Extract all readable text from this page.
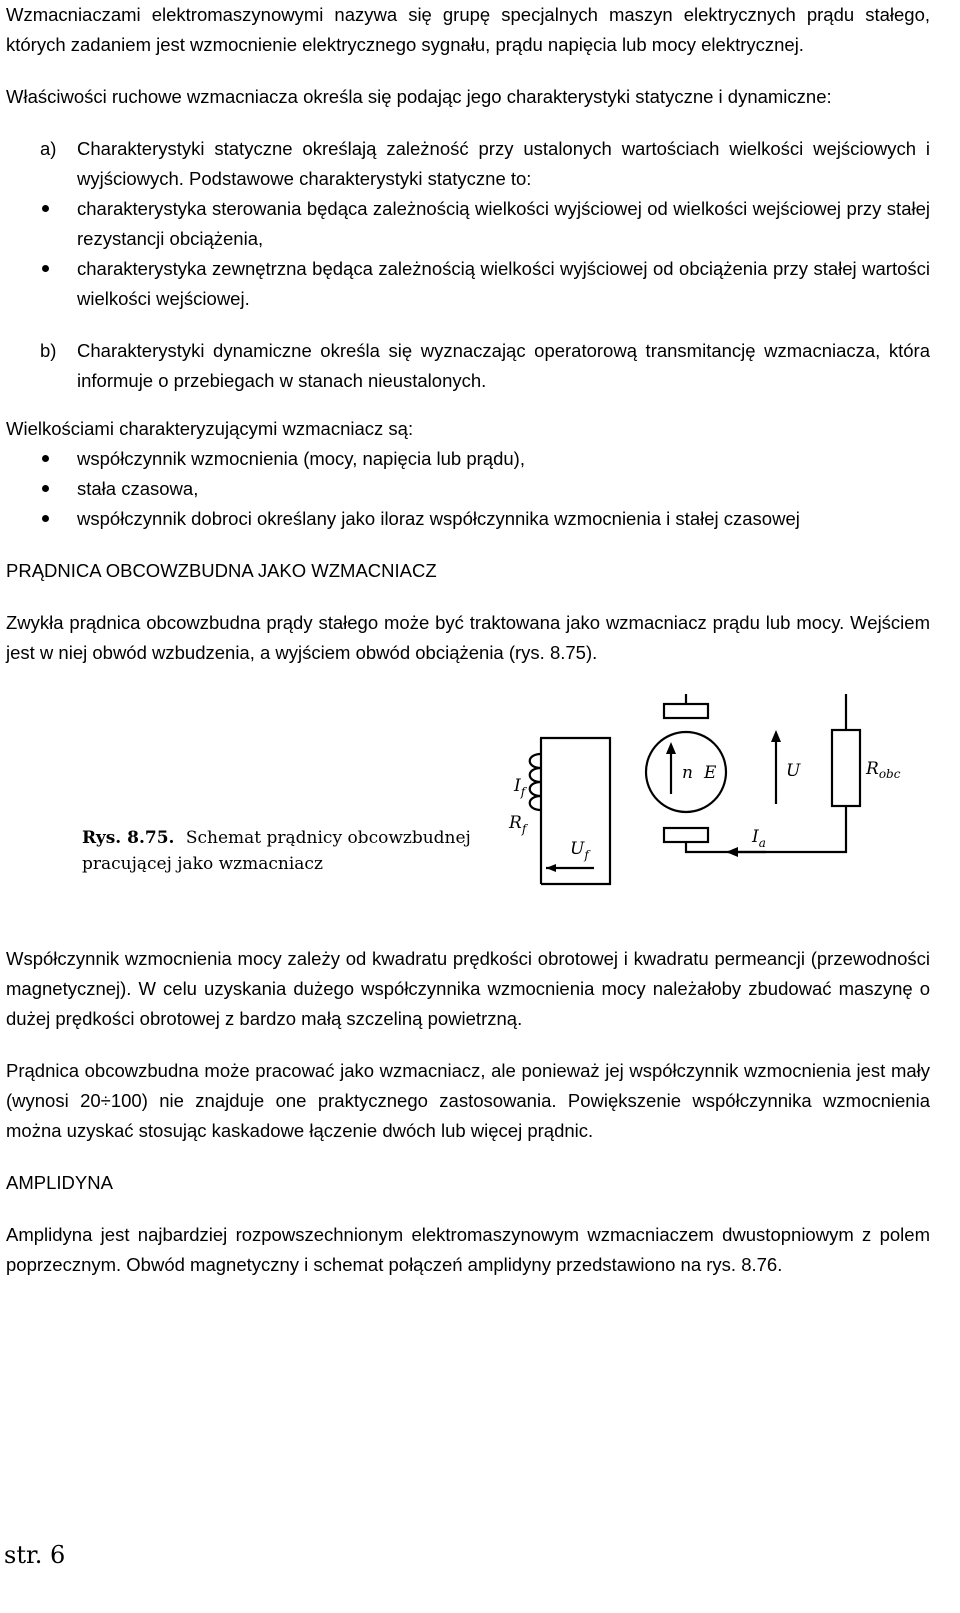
Wzmacniaczami elektromaszynowymi nazywa się grupę specjalnych maszyn elektrycznych prądu stałego, których zadaniem jest wzmocnienie elektrycznego sygnału, prądu napięcia lub mocy elektrycznej.

Właściwości ruchowe wzmacniacza określa się podając jego charakterystyki statyczne i dynamiczne:

a)	Charakterystyki statyczne określają zależność przy ustalonych wartościach wielkości wejściowych i wyjściowych. Podstawowe charakterystyki statyczne to:
charakterystyka sterowania będąca zależnością wielkości wyjściowej od wielkości wejściowej przy stałej rezystancji obciążenia,
charakterystyka zewnętrzna będąca zależnością wielkości wyjściowej od obciążenia przy stałej wartości wielkości wejściowej.
b)	Charakterystyki dynamiczne określa się wyznaczając operatorową transmitancję wzmacniacza, która informuje o przebiegach w stanach nieustalonych.

Wielkościami charakteryzującymi wzmacniacz są:

współczynnik wzmocnienia (mocy, napięcia lub prądu),
stała czasowa,
współczynnik dobroci określany jako iloraz współczynnika wzmocnienia i stałej czasowej

PRĄDNICA OBCOWZBUDNA JAKO WZMACNIACZ

Zwykła prądnica obcowzbudna prądy stałego może być traktowana jako wzmacniacz prądu lub mocy. Wejściem jest w niej obwód wzbudzenia, a wyjściem obwód obciążenia (rys. 8.75).

Rys. 8.75. Schemat prądnicy obcowzbudnej
pracującej jako wzmacniacz
$I_f$
$R_f$
$U_f$
n E	U	$R_{obc}$
$I_a$

Współczynnik wzmocnienia mocy zależy od kwadratu prędkości obrotowej i kwadratu permeancji (przewodności magnetycznej). W celu uzyskania dużego współczynnika wzmocnienia mocy należałoby zbudować maszynę o dużej prędkości obrotowej z bardzo małą szczeliną powietrzną.

Prądnica obcowzbudna może pracować jako wzmacniacz, ale ponieważ jej współczynnik wzmocnienia jest mały (wynosi 20÷100) nie znajduje one praktycznego zastosowania. Powiększenie współczynnika wzmocnienia można uzyskać stosując kaskadowe łączenie dwóch lub więcej prądnic.

AMPLIDYNA

Amplidyna jest najbardziej rozpowszechnionym elektromaszynowym wzmacniaczem dwustopniowym z polem poprzecznym. Obwód magnetyczny i schemat połączeń amplidyny przedstawiono na rys. 8.76.

str. 6
